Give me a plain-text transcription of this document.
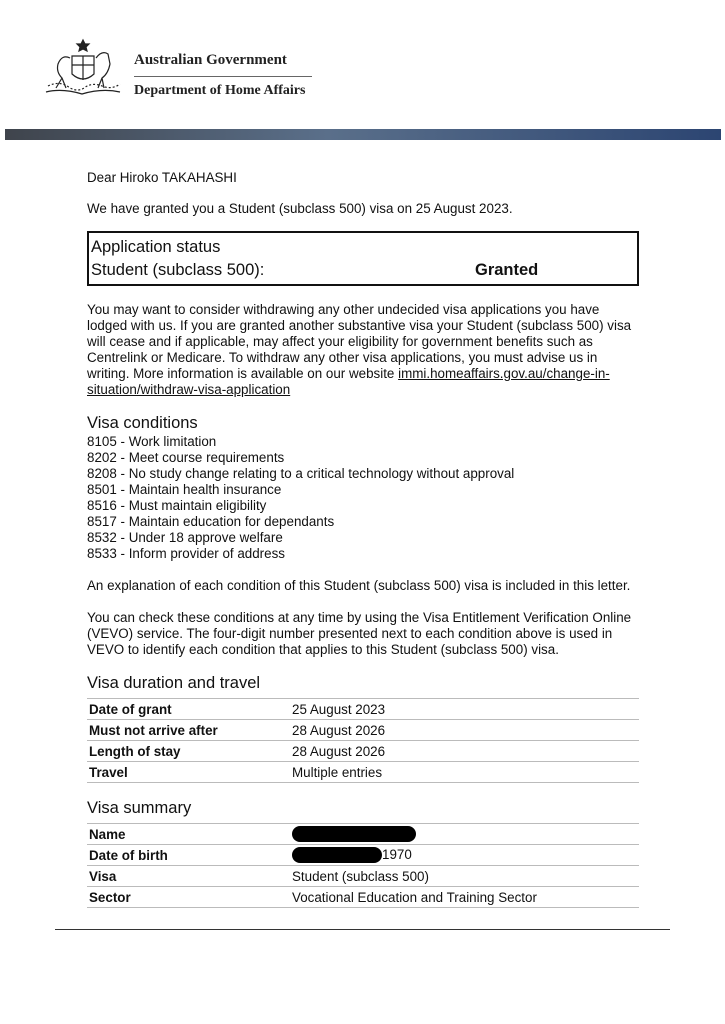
Australian Government
Department of Home Affairs

Dear Hiroko TAKAHASHI

We have granted you a Student (subclass 500) visa on 25 August 2023.

Application status
Student (subclass 500):	Granted

You may want to consider withdrawing any other undecided visa applications you have lodged with us. If you are granted another substantive visa your Student (subclass 500) visa will cease and if applicable, may affect your eligibility for government benefits such as Centrelink or Medicare. To withdraw any other visa applications, you must advise us in writing. More information is available on our website immi.homeaffairs.gov.au/change-in-situation/withdraw-visa-application

Visa conditions
8105 - Work limitation
8202 - Meet course requirements
8208 - No study change relating to a critical technology without approval
8501 - Maintain health insurance
8516 - Must maintain eligibility
8517 - Maintain education for dependants
8532 - Under 18 approve welfare
8533 - Inform provider of address

An explanation of each condition of this Student (subclass 500) visa is included in this letter.

You can check these conditions at any time by using the Visa Entitlement Verification Online (VEVO) service. The four-digit number presented next to each condition above is used in VEVO to identify each condition that applies to this Student (subclass 500) visa.

Visa duration and travel
Date of grant	25 August 2023
Must not arrive after	28 August 2026
Length of stay	28 August 2026
Travel	Multiple entries
Visa summary
Name	
Date of birth	1970
Visa	Student (subclass 500)
Sector	Vocational Education and Training Sector
